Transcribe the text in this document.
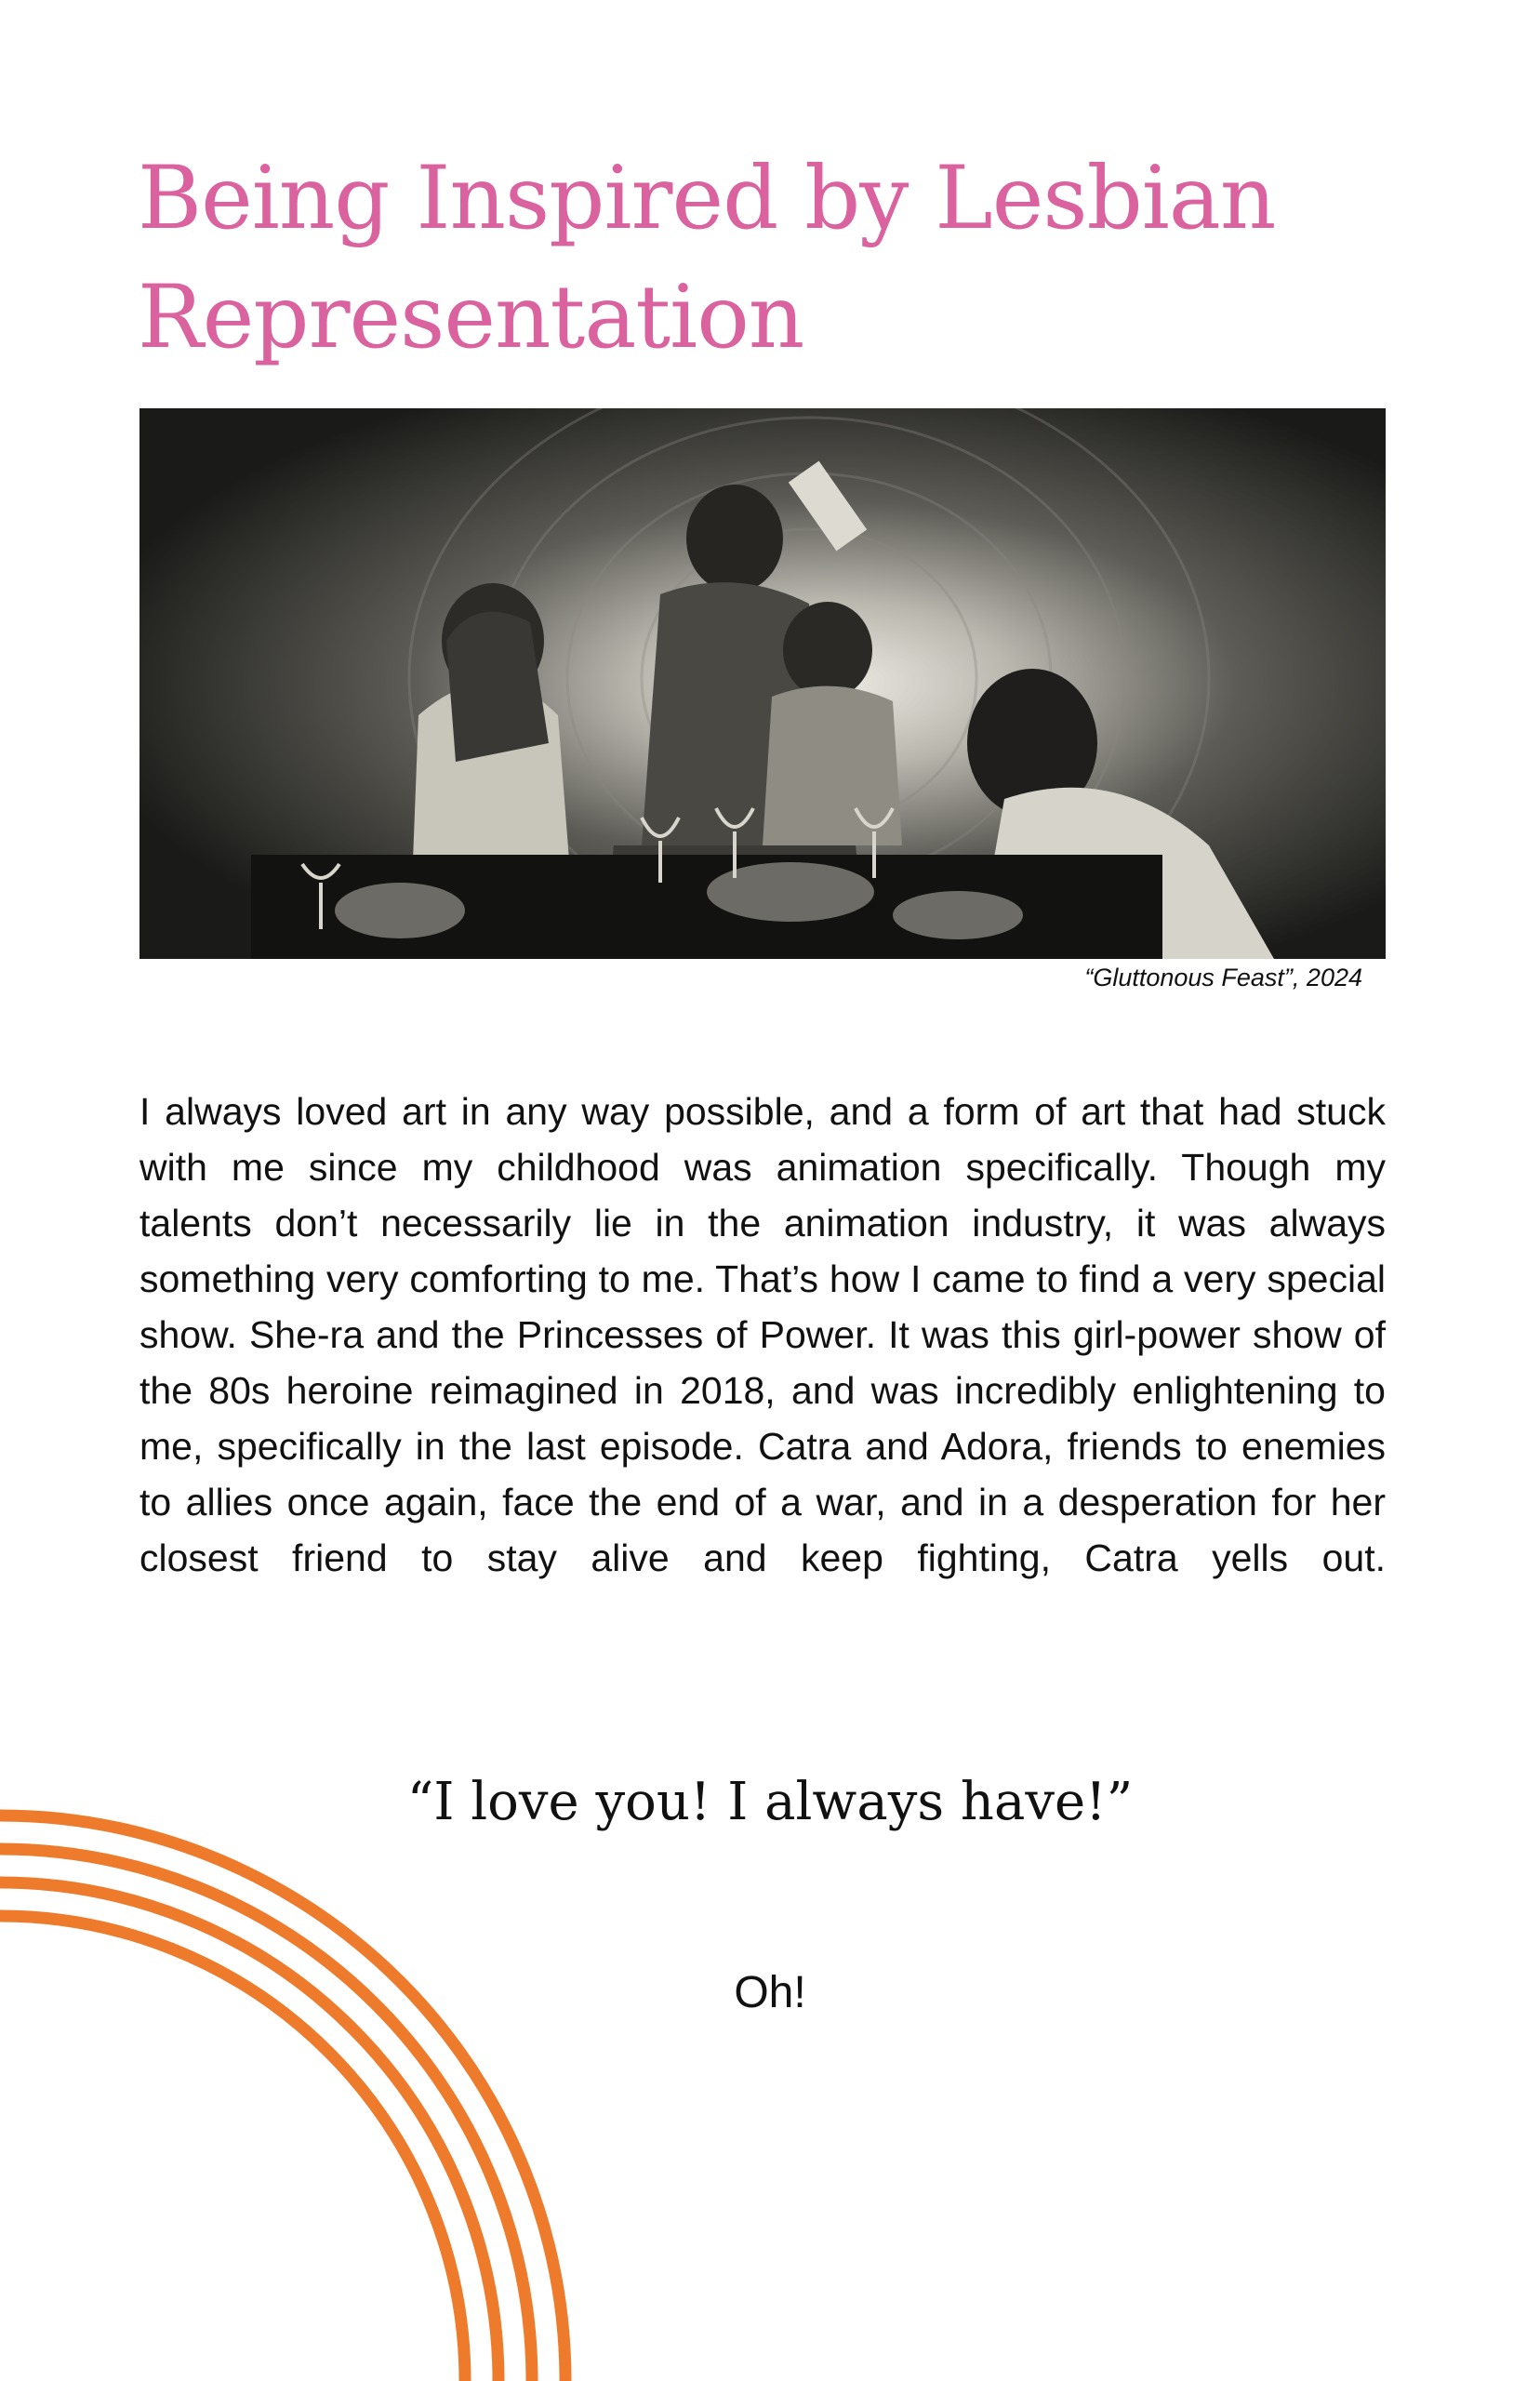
Being Inspired by Lesbian Representation
“Gluttonous Feast”, 2024

I always loved art in any way possible, and a form of art that had stuck with me since my childhood was animation specifically. Though my talents don’t necessarily lie in the animation industry, it was always something very comforting to me. That’s how I came to find a very special show. She-ra and the Princesses of Power. It was this girl-power show of the 80s heroine reimagined in 2018, and was incredibly enlightening to me, specifically in the last episode. Catra and Adora, friends to enemies to allies once again, face the end of a war, and in a desperation for her closest friend to stay alive and keep fighting, Catra yells out.

“I love you! I always have!”
Oh!
